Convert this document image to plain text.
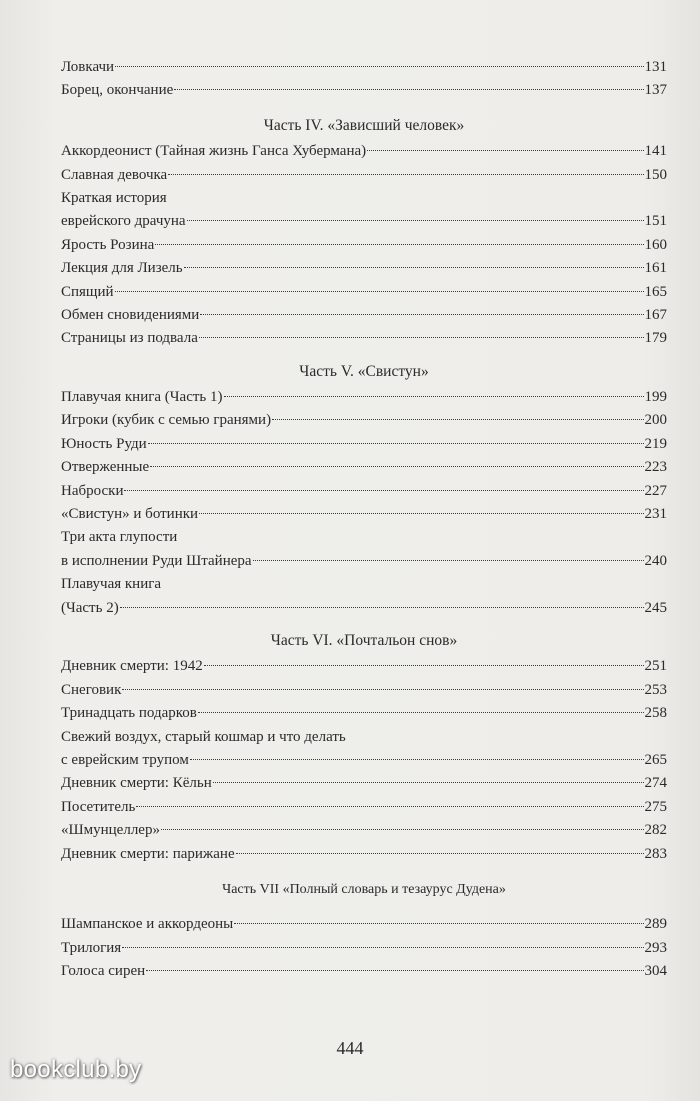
Ловкачи	131
Борец, окончание	137
Часть IV. «Зависший человек»
Аккордеонист (Тайная жизнь Ганса Хубермана)	141
Славная девочка	150
Краткая история
еврейского драчуна	151
Ярость Розина	160
Лекция для Лизель	161
Спящий	165
Обмен сновидениями	167
Страницы из подвала	179
Часть V. «Свистун»
Плавучая книга (Часть 1)	199
Игроки (кубик с семью гранями)	200
Юность Руди	219
Отверженные	223
Наброски	227
«Свистун» и ботинки	231
Три акта глупости
в исполнении Руди Штайнера	240
Плавучая книга
(Часть 2)	245
Часть VI. «Почтальон снов»
Дневник смерти: 1942	251
Снеговик	253
Тринадцать подарков	258
Свежий воздух, старый кошмар и что делать
с еврейским трупом	265
Дневник смерти: Кёльн	274
Посетитель	275
«Шмунцеллер»	282
Дневник смерти: парижане	283
Часть VII «Полный словарь и тезаурус Дудена»
Шампанское и аккордеоны	289
Трилогия	293
Голоса сирен	304
444
bookclub.by
